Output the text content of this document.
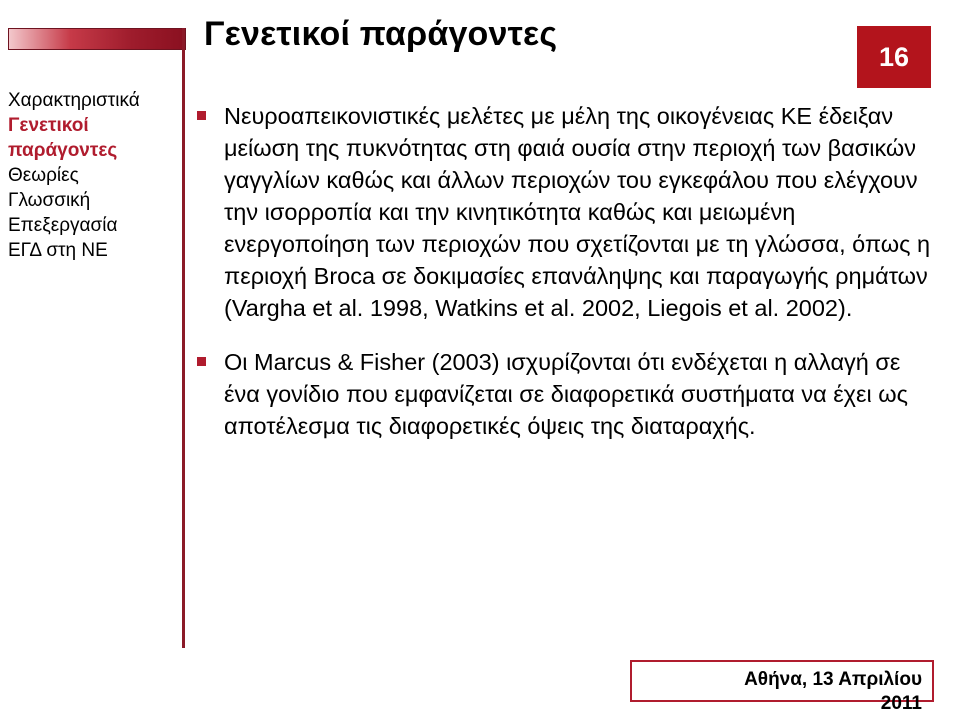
Γενετικοί παράγοντες
16
Χαρακτηριστικά
Γενετικοί
παράγοντες
Θεωρίες
Γλωσσική
Επεξεργασία
ΕΓΔ στη ΝΕ
Νευροαπεικονιστικές μελέτες με μέλη της οικογένειας ΚΕ έδειξαν μείωση της πυκνότητας στη φαιά ουσία στην περιοχή των βασικών γαγγλίων καθώς και άλλων περιοχών του εγκεφάλου που ελέγχουν την ισορροπία και την κινητικότητα καθώς και μειωμένη ενεργοποίηση των περιοχών που σχετίζονται με τη γλώσσα, όπως η περιοχή Broca σε δοκιμασίες επανάληψης και παραγωγής ρημάτων (Vargha et al. 1998, Watkins et al. 2002, Liegois et al. 2002).
Οι Marcus & Fisher (2003) ισχυρίζονται ότι ενδέχεται η αλλαγή σε ένα γονίδιο που εμφανίζεται σε διαφορετικά συστήματα να έχει ως αποτέλεσμα τις διαφορετικές όψεις της διαταραχής.
Αθήνα, 13 Απριλίου
2011
